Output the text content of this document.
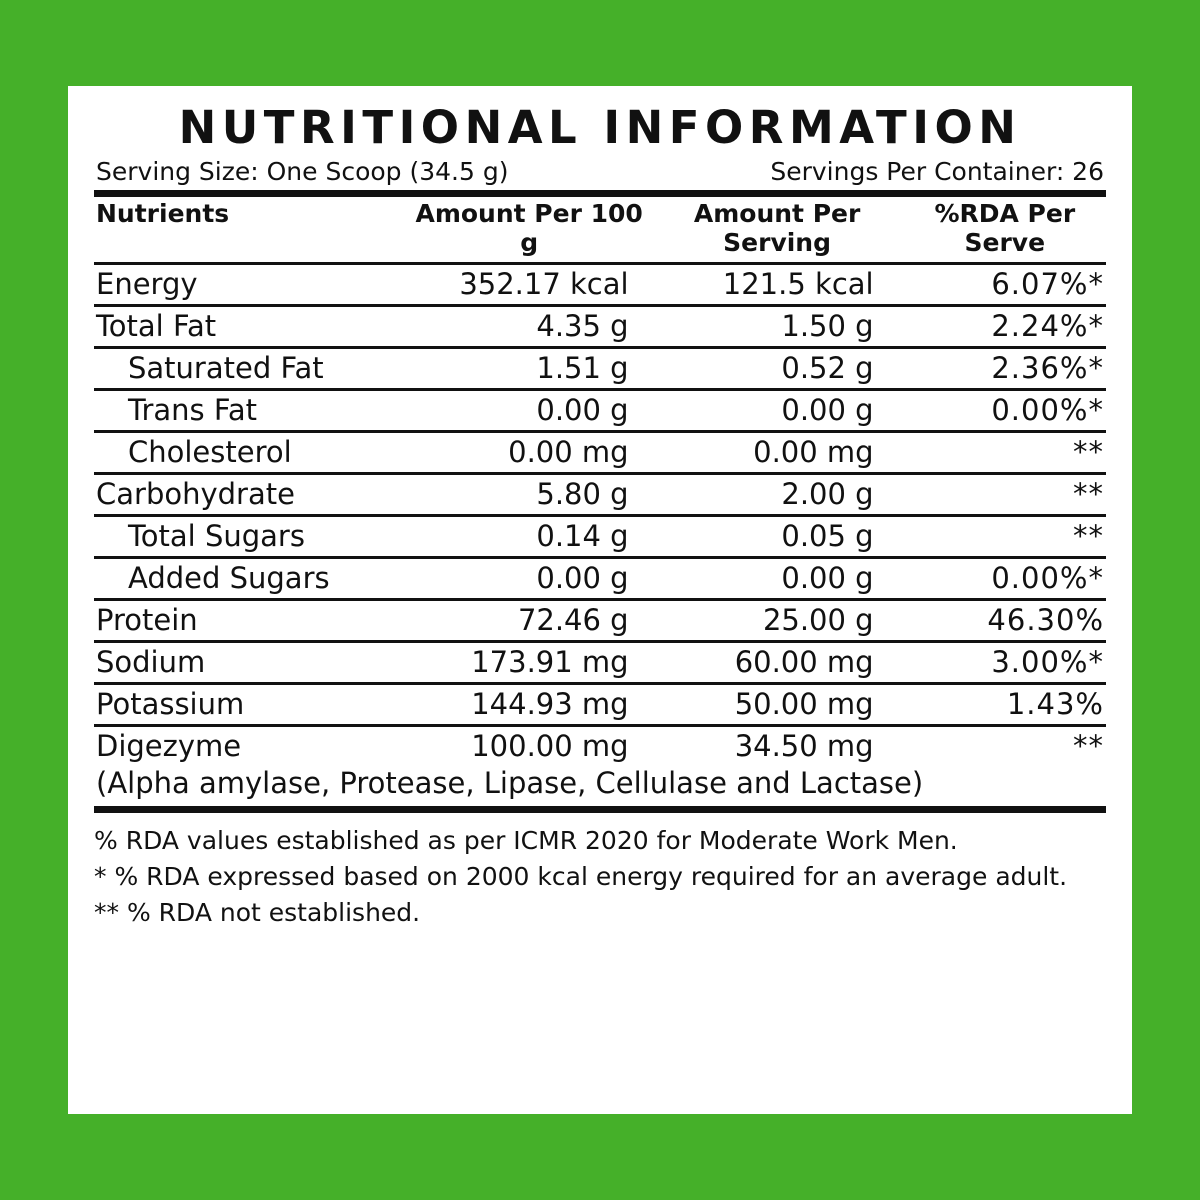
NUTRITIONAL INFORMATION
Serving Size: One Scoop (34.5 g)	Servings Per Container: 26
Nutrients	Amount Per 100 g	Amount Per Serving	%RDA Per Serve
Energy	352.17 kcal	121.5 kcal	6.07%*
Total Fat	4.35 g	1.50 g	2.24%*
Saturated Fat	1.51 g	0.52 g	2.36%*
Trans Fat	0.00 g	0.00 g	0.00%*
Cholesterol	0.00 mg	0.00 mg	**
Carbohydrate	5.80 g	2.00 g	**
Total Sugars	0.14 g	0.05 g	**
Added Sugars	0.00 g	0.00 g	0.00%*
Protein	72.46 g	25.00 g	46.30%
Sodium	173.91 mg	60.00 mg	3.00%*
Potassium	144.93 mg	50.00 mg	1.43%
Digezyme	100.00 mg	34.50 mg	**
(Alpha amylase, Protease, Lipase, Cellulase and Lactase)
% RDA values established as per ICMR 2020 for Moderate Work Men.
* % RDA expressed based on 2000 kcal energy required for an average adult.
** % RDA not established.
